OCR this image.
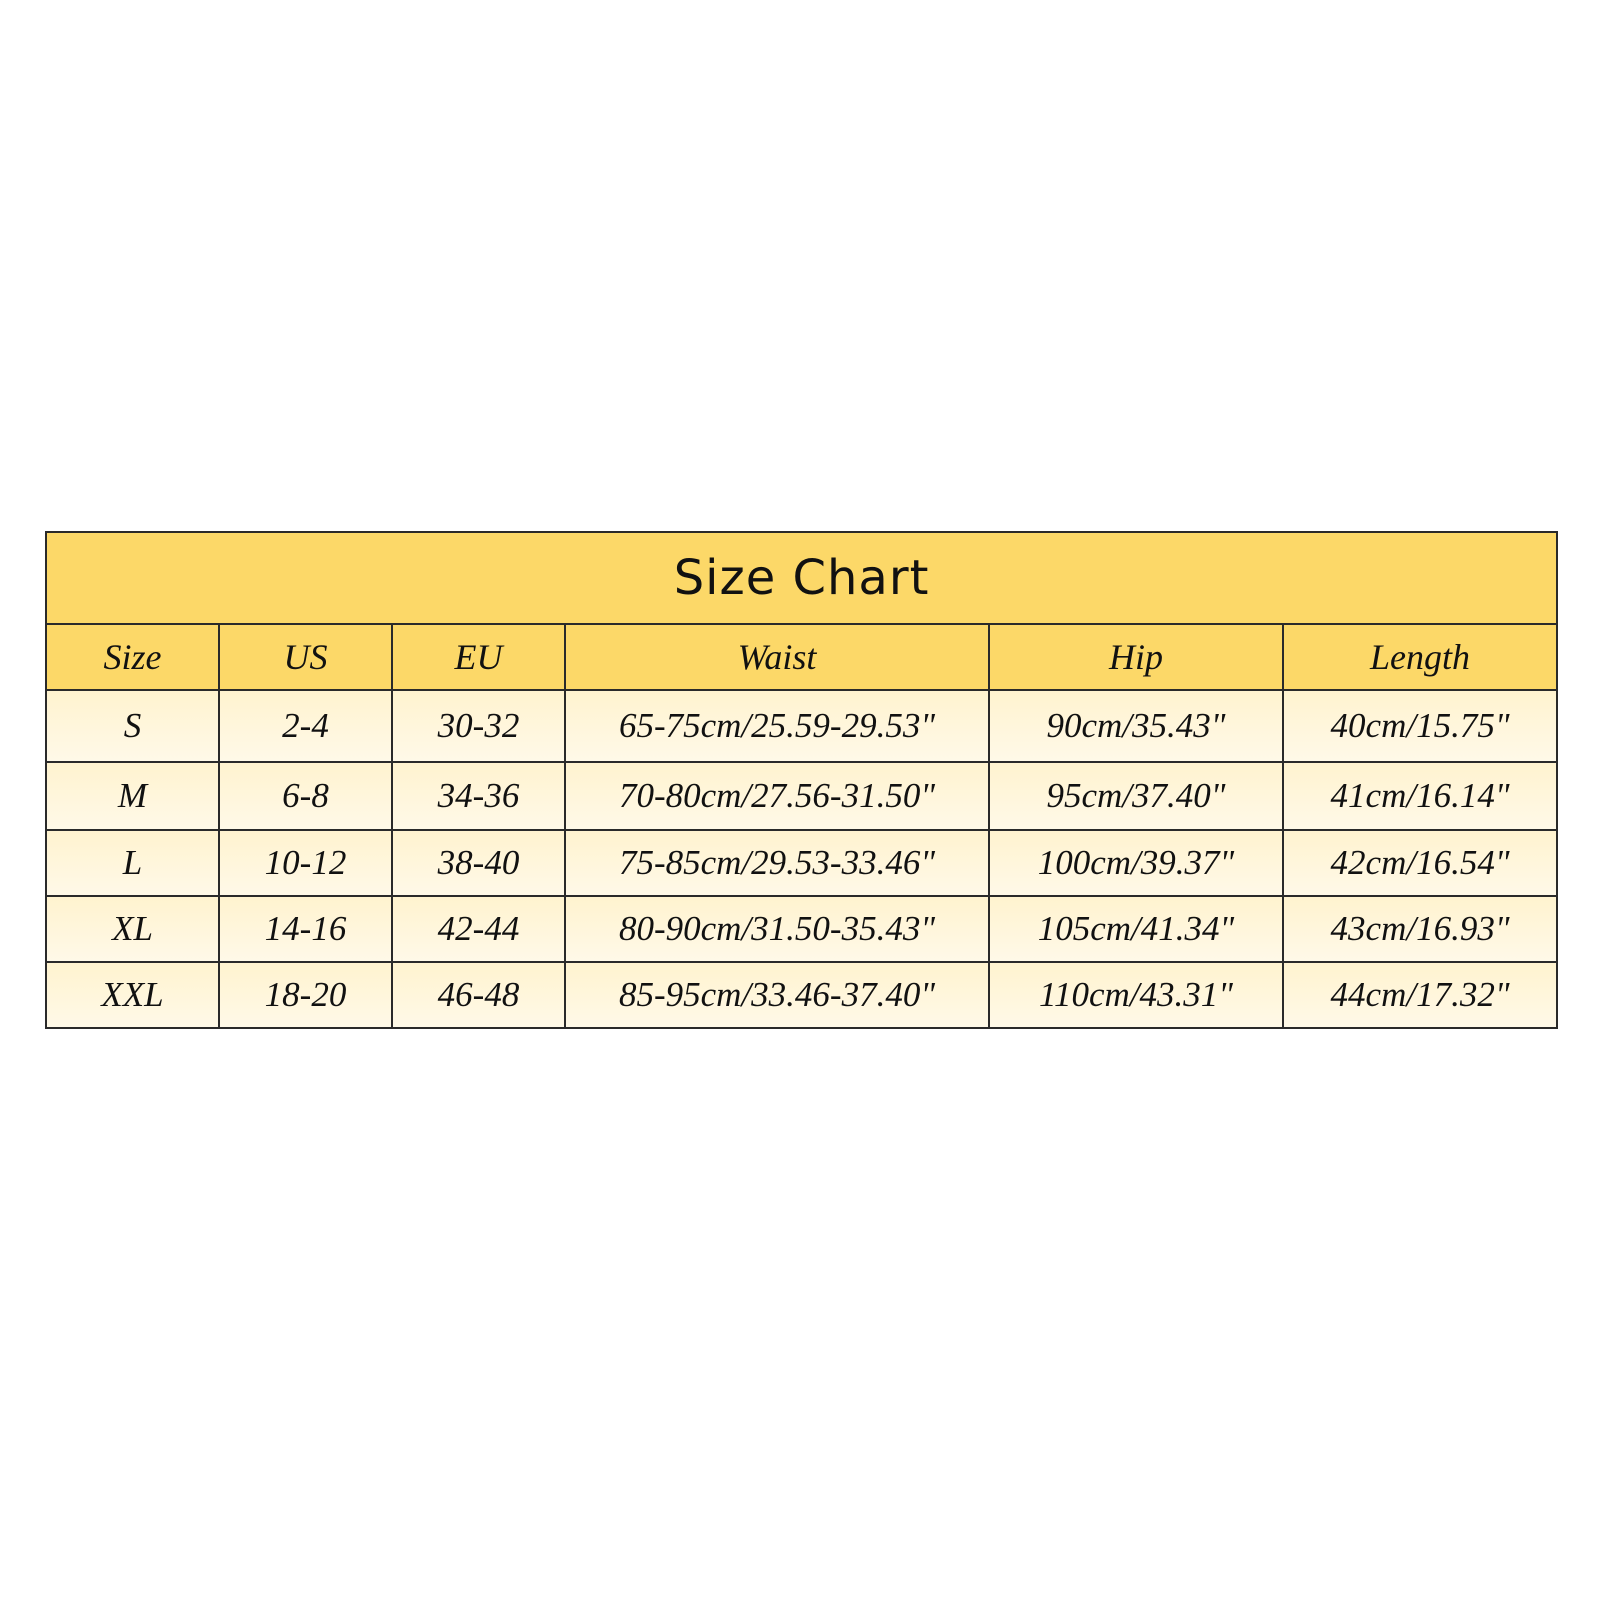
Size Chart					
Size	US	EU	Waist	Hip	Length
S	2-4	30-32	65-75cm/25.59-29.53"	90cm/35.43"	40cm/15.75"
M	6-8	34-36	70-80cm/27.56-31.50"	95cm/37.40"	41cm/16.14"
L	10-12	38-40	75-85cm/29.53-33.46"	100cm/39.37"	42cm/16.54"
XL	14-16	42-44	80-90cm/31.50-35.43"	105cm/41.34"	43cm/16.93"
XXL	18-20	46-48	85-95cm/33.46-37.40"	110cm/43.31"	44cm/17.32"
